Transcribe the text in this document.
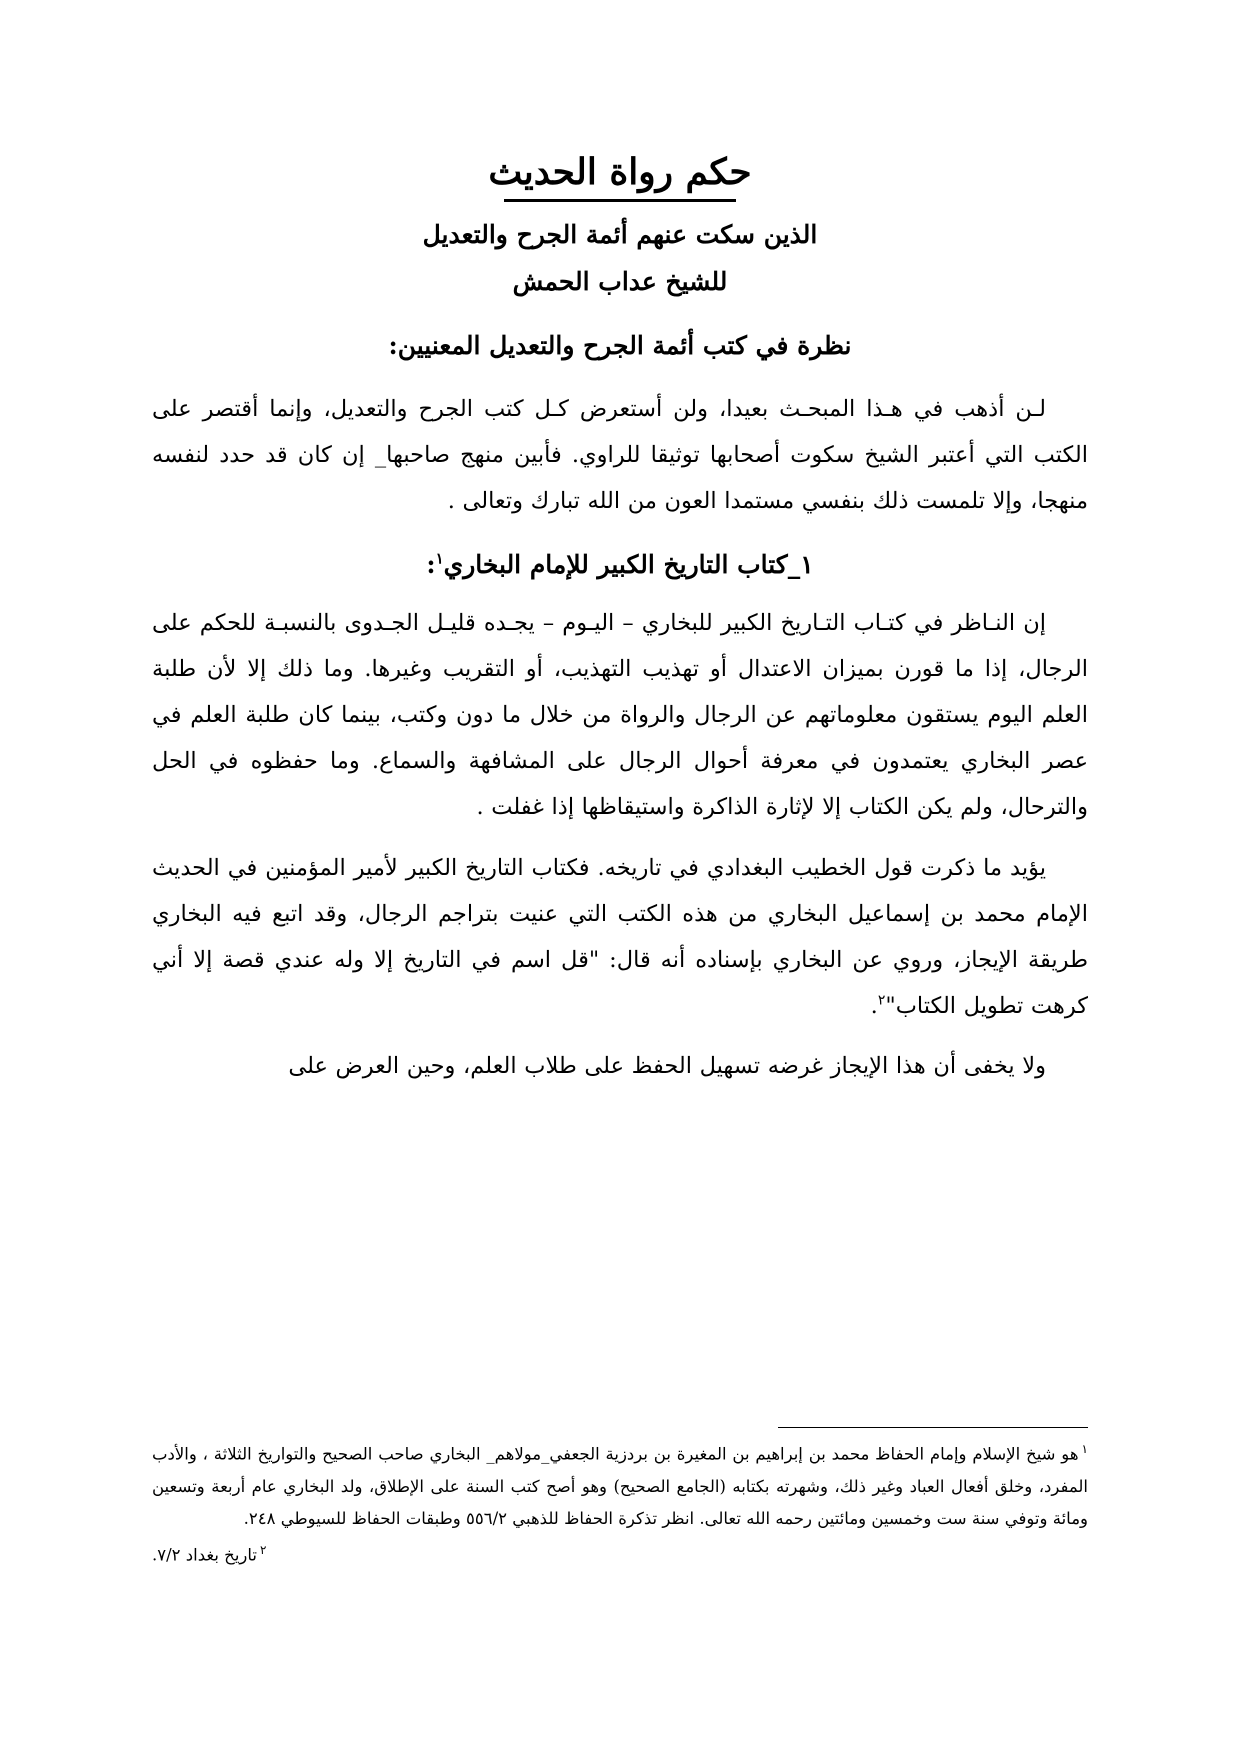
حكم رواة الحديث
الذين سكت عنهم أئمة الجرح والتعديل
للشيخ عداب الحمش
نظرة في كتب أئمة الجرح والتعديل المعنيين:

لـن أذهب في هـذا المبحـث بعيدا، ولن أستعرض كـل كتب الجرح والتعديل، وإنما أقتصر على الكتب التي أعتبر الشيخ سكوت أصحابها توثيقا للراوي. فأبين منهج صاحبها_ إن كان قد حدد لنفسه منهجا، وإلا تلمست ذلك بنفسي مستمدا العون من الله تبارك وتعالى .

١_كتاب التاريخ الكبير للإمام البخاري$^١$:

إن النـاظر في كتـاب التـاريخ الكبير للبخاري – اليـوم – يجـده قليـل الجـدوى بالنسبـة للحكم على الرجال، إذا ما قورن بميزان الاعتدال أو تهذيب التهذيب، أو التقريب وغيرها. وما ذلك إلا لأن طلبة العلم اليوم يستقون معلوماتهم عن الرجال والرواة من خلال ما دون وكتب، بينما كان طلبة العلم في عصر البخاري يعتمدون في معرفة أحوال الرجال على المشافهة والسماع. وما حفظوه في الحل والترحال، ولم يكن الكتاب إلا لإثارة الذاكرة واستيقاظها إذا غفلت .

يؤيد ما ذكرت قول الخطيب البغدادي في تاريخه. فكتاب التاريخ الكبير لأمير المؤمنين في الحديث الإمام محمد بن إسماعيل البخاري من هذه الكتب التي عنيت بتراجم الرجال، وقد اتبع فيه البخاري طريقة الإيجاز، وروي عن البخاري بإسناده أنه قال: "قل اسم في التاريخ إلا وله عندي قصة إلا أني كرهت تطويل الكتاب"$^٢$.

ولا يخفى أن هذا الإيجاز غرضه تسهيل الحفظ على طلاب العلم، وحين العرض على

$^١$هو شيخ الإسلام وإمام الحفاظ محمد بن إبراهيم بن المغيرة بن بردزية الجعفي_مولاهم_ البخاري صاحب الصحيح والتواريخ الثلاثة ، والأدب المفرد، وخلق أفعال العباد وغير ذلك، وشهرته بكتابه (الجامع الصحيح) وهو أصح كتب السنة على الإطلاق، ولد البخاري عام أربعة وتسعين ومائة وتوفي سنة ست وخمسين ومائتين رحمه الله تعالى. انظر تذكرة الحفاظ للذهبي ٥٥٦/٢ وطبقات الحفاظ للسيوطي ٢٤٨.

$^٢$تاريخ بغداد ٧/٢.
